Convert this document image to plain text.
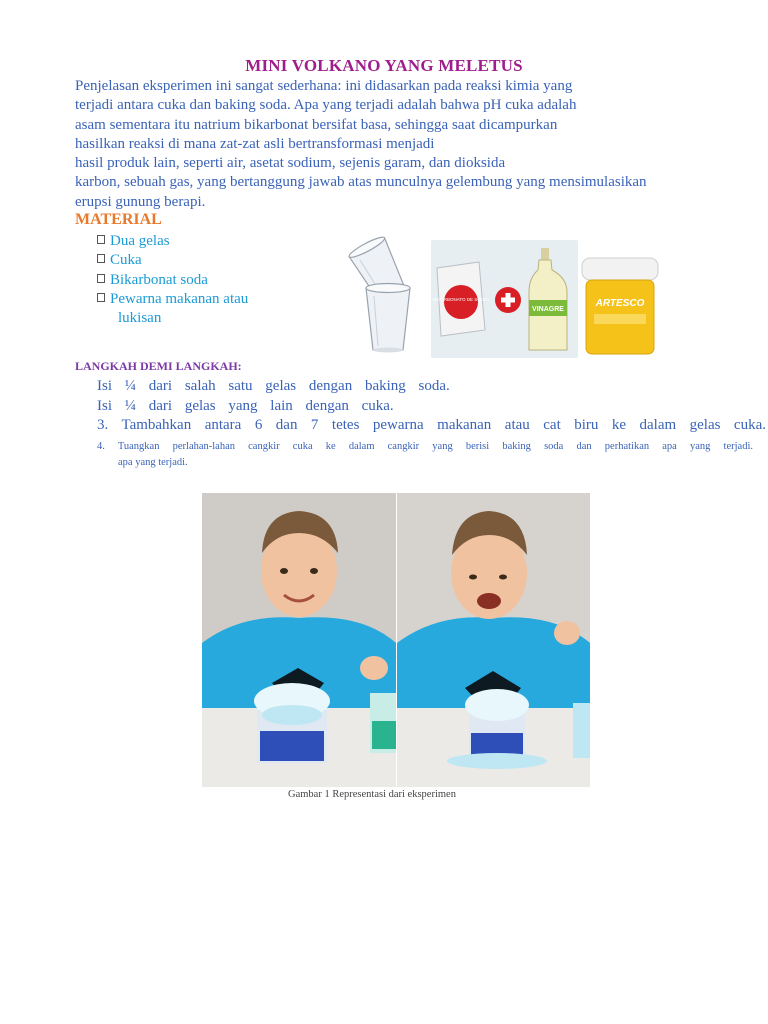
MINI VOLKANO YANG MELETUS
Penjelasan eksperimen ini sangat sederhana: ini didasarkan pada reaksi kimia yang
terjadi antara cuka dan baking soda. Apa yang terjadi adalah bahwa pH cuka adalah
asam sementara itu natrium bikarbonat bersifat basa, sehingga saat dicampurkan
hasilkan reaksi di mana zat-zat asli bertransformasi menjadi
hasil produk lain, seperti air, asetat sodium, sejenis garam, dan dioksida
karbon, sebuah gas, yang bertanggung jawab atas munculnya gelembung yang mensimulasikan
erupsi gunung berapi.
MATERIAL
Dua gelas
Cuka
Bikarbonat soda
Pewarna makanan atau
lukisan
BICARBONATO DE SODIO
VINAGRE
ARTESCO
LANGKAH DEMI LANGKAH:
Isi ¼ dari salah satu gelas dengan baking soda.
Isi ¼ dari gelas yang lain dengan cuka.
3. Tambahkan antara 6 dan 7 tetes pewarna makanan atau cat biru ke dalam gelas cuka.
4. Tuangkan perlahan-lahan cangkir cuka ke dalam cangkir yang berisi baking soda dan perhatikan apa yang terjadi.
apa yang terjadi.
Gambar 1 Representasi dari eksperimen
